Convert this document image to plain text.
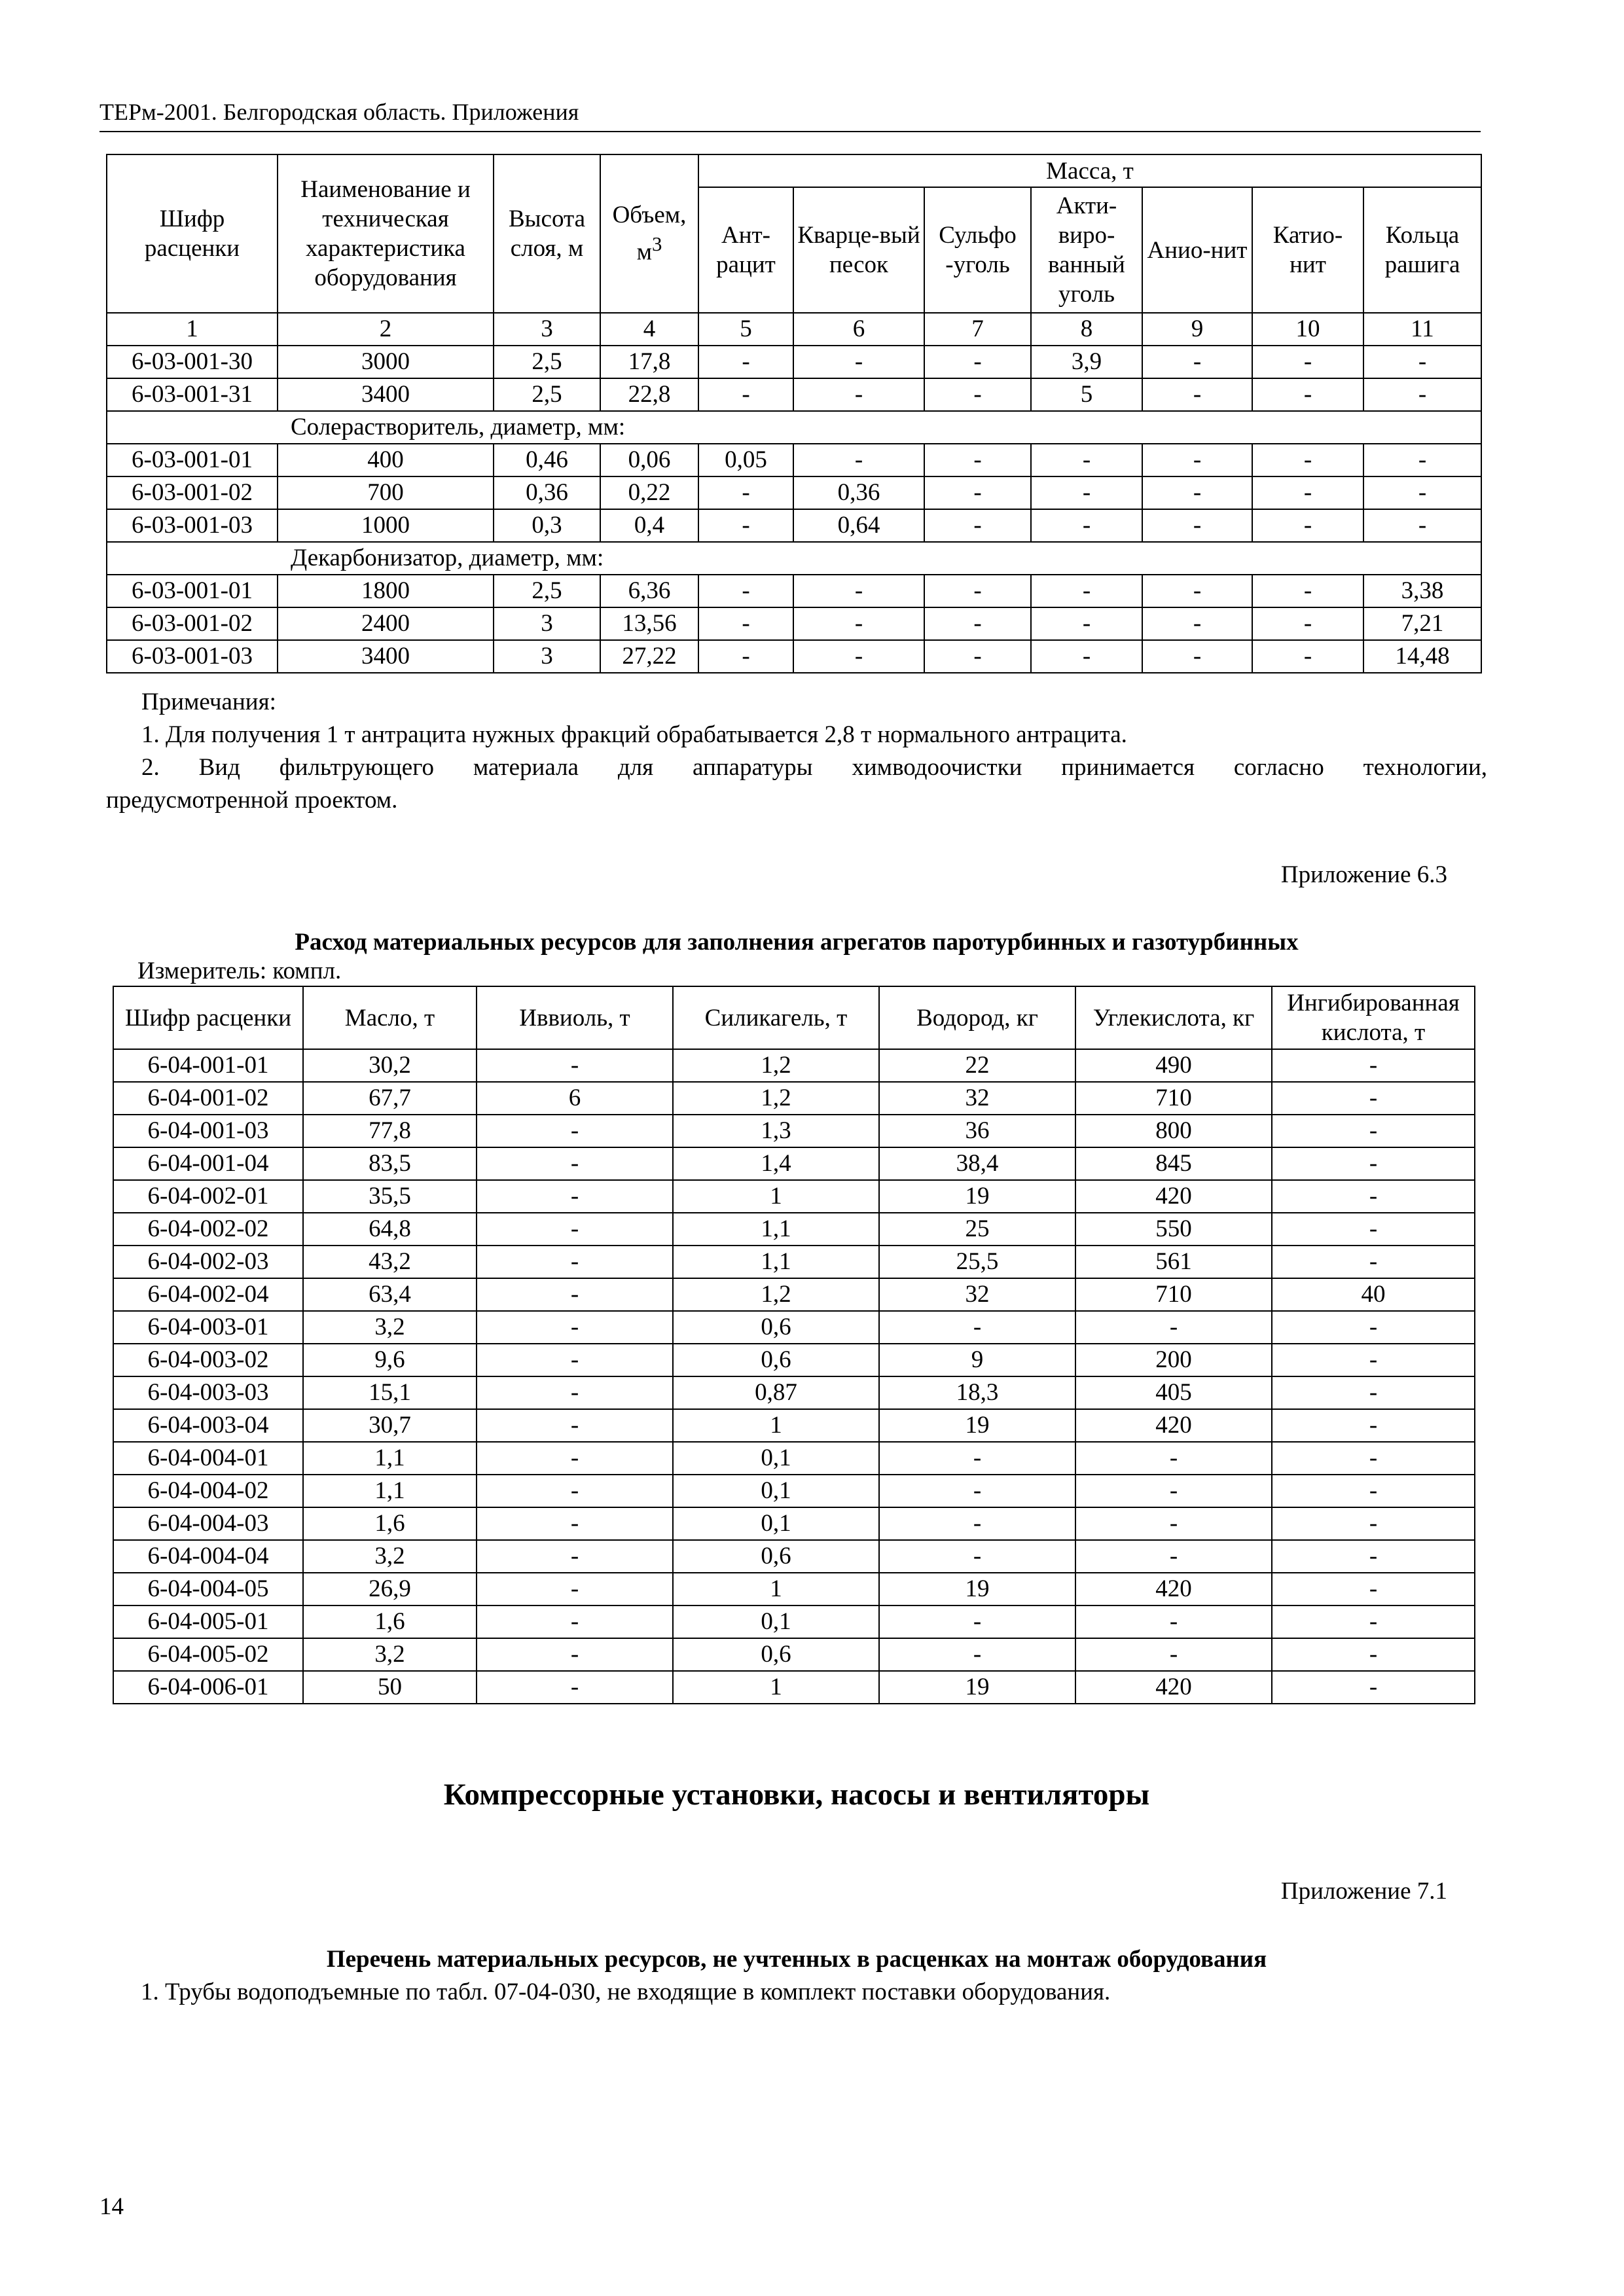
ТЕРм-2001. Белгородская область. Приложения
Шифр расценки	Наименование и техническая характеристика оборудования	Высота слоя, м	Объем, $м^3$	Масса, т						
				Ант-рацит	Кварце-вый песок	Сульфо -уголь	Акти-виро-ванный уголь	Анио-нит	Катио-нит	Кольца рашига
1	2	3	4	5	6	7	8	9	10	11
6-03-001-30	3000	2,5	17,8	-	-	-	3,9	-	-	-
6-03-001-31	3400	2,5	22,8	-	-	-	5	-	-	-
Солерастворитель, диаметр, мм:										
6-03-001-01	400	0,46	0,06	0,05	-	-	-	-	-	-
6-03-001-02	700	0,36	0,22	-	0,36	-	-	-	-	-
6-03-001-03	1000	0,3	0,4	-	0,64	-	-	-	-	-
Декарбонизатор, диаметр, мм:										
6-03-001-01	1800	2,5	6,36	-	-	-	-	-	-	3,38
6-03-001-02	2400	3	13,56	-	-	-	-	-	-	7,21
6-03-001-03	3400	3	27,22	-	-	-	-	-	-	14,48

Примечания:

1. Для получения 1 т антрацита нужных фракций обрабатывается 2,8 т нормального антрацита.

2. Вид фильтрующего материала для аппаратуры химводоочистки принимается согласно технологии,

предусмотренной проектом.

Приложение 6.3
Расход материальных ресурсов для заполнения агрегатов паротурбинных и газотурбинных
Измеритель: компл.
Шифр расценки	Масло, т	Иввиоль, т	Силикагель, т	Водород, кг	Углекислота, кг	Ингибированная кислота, т
6-04-001-01	30,2	-	1,2	22	490	-
6-04-001-02	67,7	6	1,2	32	710	-
6-04-001-03	77,8	-	1,3	36	800	-
6-04-001-04	83,5	-	1,4	38,4	845	-
6-04-002-01	35,5	-	1	19	420	-
6-04-002-02	64,8	-	1,1	25	550	-
6-04-002-03	43,2	-	1,1	25,5	561	-
6-04-002-04	63,4	-	1,2	32	710	40
6-04-003-01	3,2	-	0,6	-	-	-
6-04-003-02	9,6	-	0,6	9	200	-
6-04-003-03	15,1	-	0,87	18,3	405	-
6-04-003-04	30,7	-	1	19	420	-
6-04-004-01	1,1	-	0,1	-	-	-
6-04-004-02	1,1	-	0,1	-	-	-
6-04-004-03	1,6	-	0,1	-	-	-
6-04-004-04	3,2	-	0,6	-	-	-
6-04-004-05	26,9	-	1	19	420	-
6-04-005-01	1,6	-	0,1	-	-	-
6-04-005-02	3,2	-	0,6	-	-	-
6-04-006-01	50	-	1	19	420	-
Компрессорные установки, насосы и вентиляторы
Приложение 7.1
Перечень материальных ресурсов, не учтенных в расценках на монтаж оборудования
1. Трубы водоподъемные по табл. 07-04-030, не входящие в комплект поставки оборудования.
14
